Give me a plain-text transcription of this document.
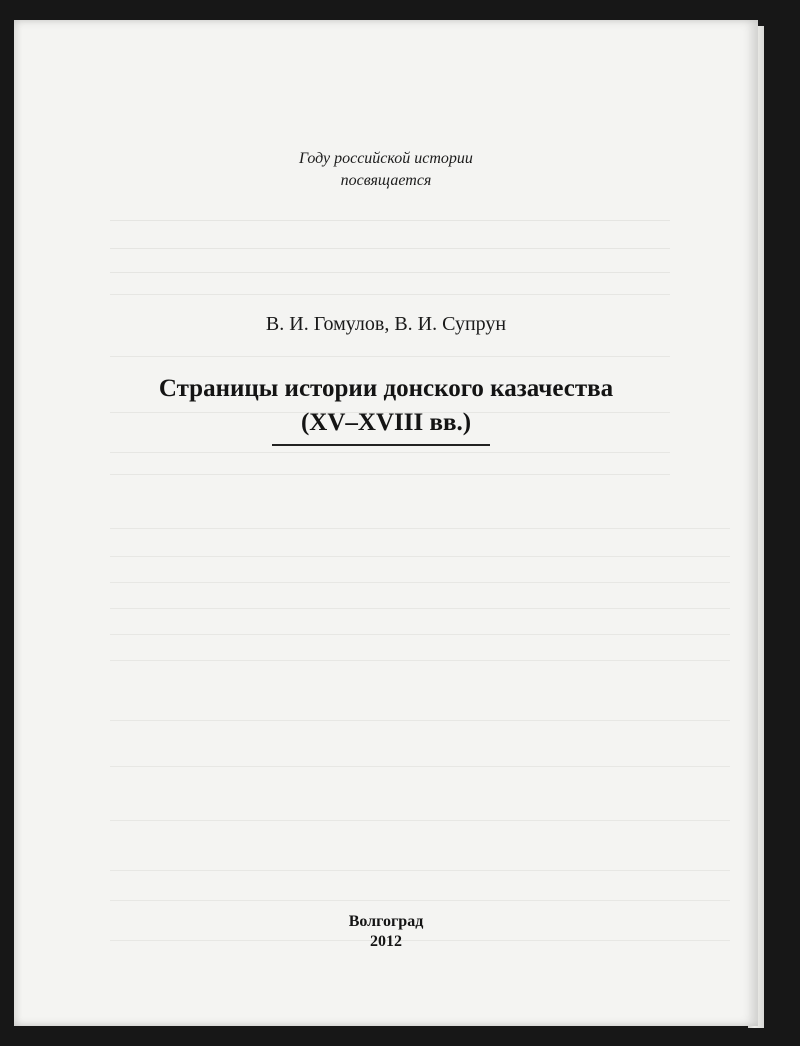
Году российской истории
посвящается
В. И. Гомулов, В. И. Супрун
Страницы истории донского казачества
(XV–XVIII вв.)
Волгоград
2012
